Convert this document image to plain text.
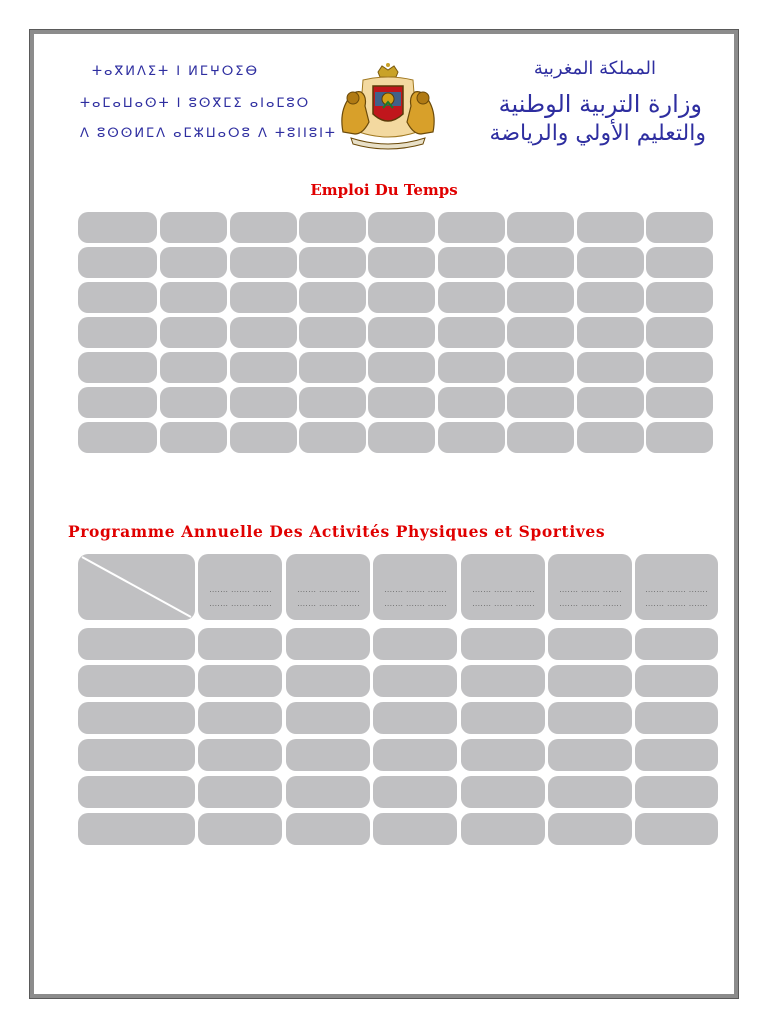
ⵜⴰⴳⵍⴷⵉⵜ ⵏ ⵍⵎⵖⵔⵉⴱ
ⵜⴰⵎⴰⵡⴰⵙⵜ ⵏ ⵓⵙⴳⵎⵉ ⴰⵏⴰⵎⵓⵔ
ⴷ ⵓⵙⵙⵍⵎⴷ ⴰⵎⵣⵡⴰⵔⵓ ⴷ ⵜⵓⵏⵏⵓⵏⵜ
المملكة المغربية
وزارة التربية الوطنية
والتعليم الأولي والرياضة
Emploi Du Temps
Programme Annuelle Des Activités Physiques et Sportives
....... ....... .......
....... ....... .......
....... ....... .......
....... ....... .......
....... ....... .......
....... ....... .......
....... ....... .......
....... ....... .......
....... ....... .......
....... ....... .......
....... ....... .......
....... ....... .......
